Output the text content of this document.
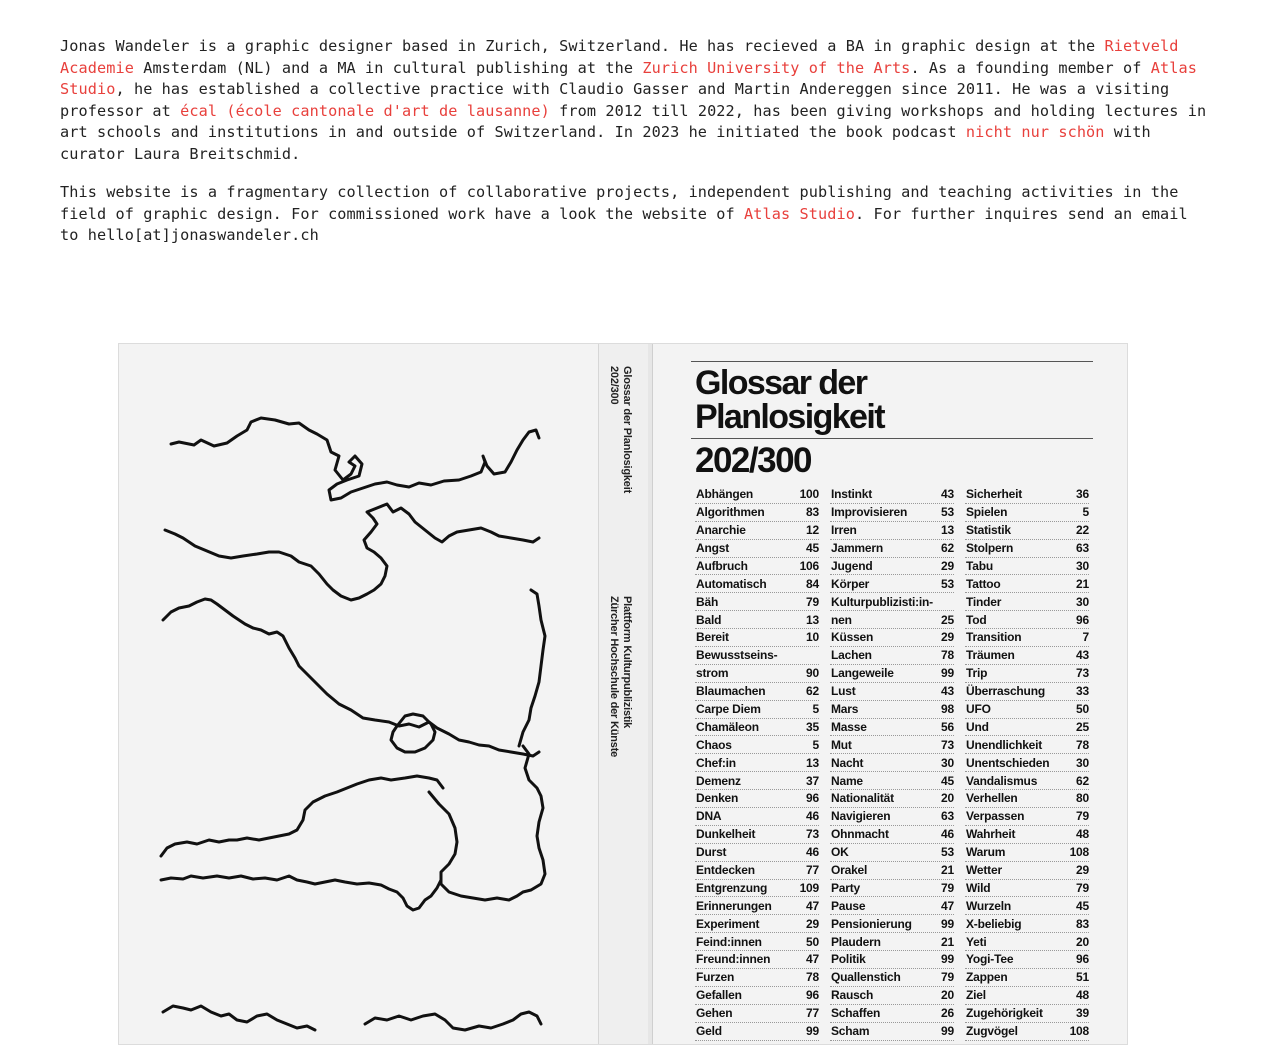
Jonas Wandeler is a graphic designer based in Zurich, Switzerland. He has recieved a BA in graphic design at the Rietveld Academie Amsterdam (NL) and a MA in cultural publishing at the Zurich University of the Arts. As a founding member of Atlas Studio, he has established a collective practice with Claudio Gasser and Martin Andereggen since 2011. He was a visiting professor at écal (école cantonale d'art de lausanne) from 2012 till 2022, has been giving workshops and holding lectures in art schools and institutions in and outside of Switzerland. In 2023 he initiated the book podcast nicht nur schön with curator Laura Breitschmid.

This website is a fragmentary collection of collaborative projects, independent publishing and teaching activities in the field of graphic design. For commissioned work have a look the website of Atlas Studio. For further inquires send an email to hello[at]jonaswandeler.ch

Glossar der Planlosigkeit
202/300
Plattform Kulturpublizistik
Zürcher Hochschule der Künste
Glossar der
Planlosigkeit
202/300
Abhängen	100
Algorithmen	83
Anarchie	12
Angst	45
Aufbruch	106
Automatisch	84
Bäh	79
Bald	13
Bereit	10
Bewusstseins-
strom	90
Blaumachen	62
Carpe Diem	5
Chamäleon	35
Chaos	5
Chef:in	13
Demenz	37
Denken	96
DNA	46
Dunkelheit	73
Durst	46
Entdecken	77
Entgrenzung	109
Erinnerungen	47
Experiment	29
Feind:innen	50
Freund:innen	47
Furzen	78
Gefallen	96
Gehen	77
Geld	99
Instinkt	43
Improvisieren	53
Irren	13
Jammern	62
Jugend	29
Körper	53
Kulturpublizisti:in-
nen	25
Küssen	29
Lachen	78
Langeweile	99
Lust	43
Mars	98
Masse	56
Mut	73
Nacht	30
Name	45
Nationalität	20
Navigieren	63
Ohnmacht	46
OK	53
Orakel	21
Party	79
Pause	47
Pensionierung 99
Plaudern	21
Politik	99
Quallenstich	79
Rausch	20
Schaffen	26
Scham	99
Sicherheit	36
Spielen	5
Statistik	22
Stolpern	63
Tabu	30
Tattoo	21
Tinder	30
Tod	96
Transition	7
Träumen	43
Trip	73
Überraschung	33
UFO	50
Und	25
Unendlichkeit	78
Unentschieden 30
Vandalismus	62
Verhellen	80
Verpassen	79
Wahrheit	48
Warum	108
Wetter	29
Wild	79
Wurzeln	45
X-beliebig	83
Yeti	20
Yogi-Tee	96
Zappen	51
Ziel	48
Zugehörigkeit	39
Zugvögel	108
